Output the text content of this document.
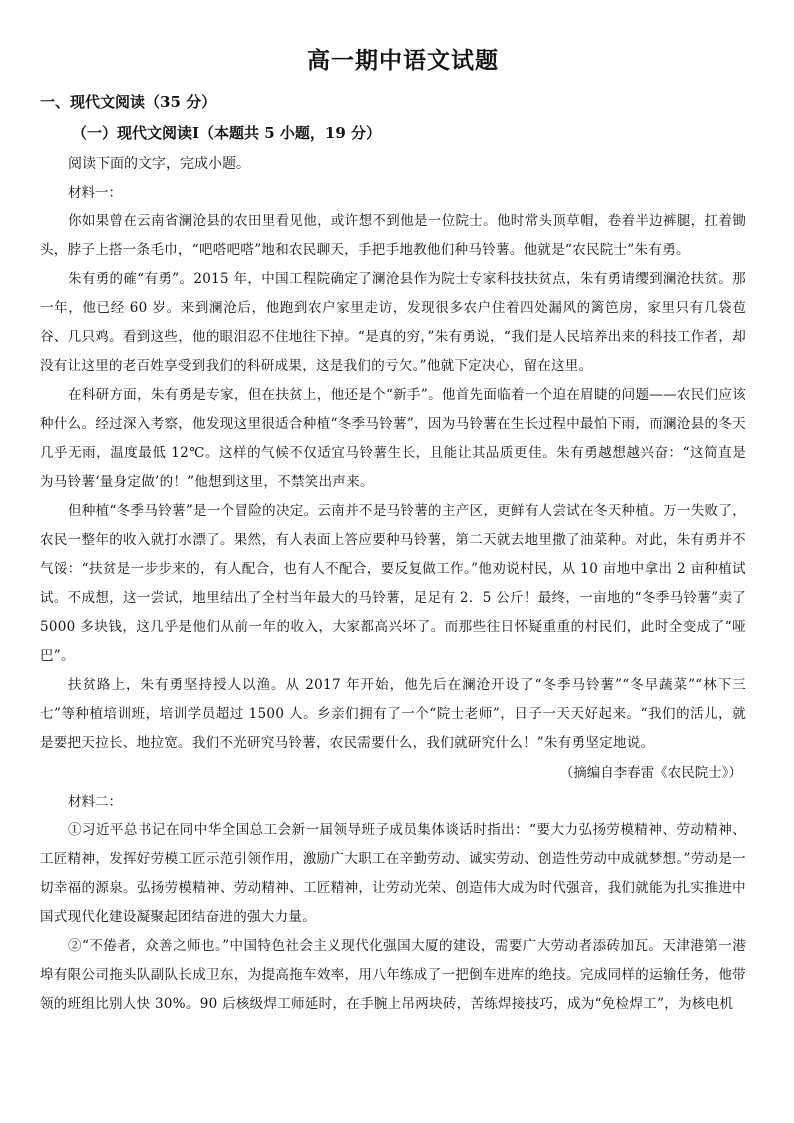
高一期中语文试题

一、现代文阅读（35 分）

（一）现代文阅读Ⅰ（本题共 5 小题，19 分）

阅读下面的文字，完成小题。

材料一：

你如果曾在云南省澜沧县的农田里看见他，或许想不到他是一位院士。他时常头顶草帽，卷着半边裤腿，扛着锄头，脖子上搭一条毛巾，“吧嗒吧嗒”地和农民聊天，手把手地教他们种马铃薯。他就是“农民院士”朱有勇。

朱有勇的確“有勇”。2015 年，中国工程院确定了澜沧县作为院士专家科技扶贫点，朱有勇请缨到澜沧扶贫。那一年，他已经 60 岁。来到澜沧后，他跑到农户家里走访，发现很多农户住着四处漏风的篱笆房，家里只有几袋苞谷、几只鸡。看到这些，他的眼泪忍不住地往下掉。“是真的穷，”朱有勇说，“我们是人民培养出来的科技工作者，却没有让这里的老百姓享受到我们的科研成果，这是我们的亏欠。”他就下定决心，留在这里。

在科研方面，朱有勇是专家，但在扶贫上，他还是个“新手”。他首先面临着一个迫在眉睫的问题——农民们应该种什么。经过深入考察，他发现这里很适合种植“冬季马铃薯”，因为马铃薯在生长过程中最怕下雨，而澜沧县的冬天几乎无雨，温度最低 12℃。这样的气候不仅适宜马铃薯生长，且能让其品质更佳。朱有勇越想越兴奋：“这简直是为马铃薯‘量身定做’的！”他想到这里，不禁笑出声来。

但种植“冬季马铃薯”是一个冒险的决定。云南并不是马铃薯的主产区，更鲜有人尝试在冬天种植。万一失败了，农民一整年的收入就打水漂了。果然，有人表面上答应要种马铃薯，第二天就去地里撒了油菜种。对此，朱有勇并不气馁：“扶贫是一步步来的，有人配合，也有人不配合，要反复做工作。”他劝说村民，从 10 亩地中拿出 2 亩种植试试。不成想，这一尝试，地里结出了全村当年最大的马铃薯，足足有 2．5 公斤！最终，一亩地的“冬季马铃薯”卖了 5000 多块钱，这几乎是他们从前一年的收入，大家都高兴坏了。而那些往日怀疑重重的村民们，此时全变成了“哑巴”。

扶贫路上，朱有勇坚持授人以渔。从 2017 年开始，他先后在澜沧开设了“冬季马铃薯”“冬早蔬菜”“林下三七”等种植培训班，培训学员超过 1500 人。乡亲们拥有了一个“院士老师”，日子一天天好起来。“我们的活儿，就是要把天拉长、地拉宽。我们不光研究马铃薯，农民需要什么，我们就研究什么！”朱有勇坚定地说。

（摘编自李春雷《农民院士》）

材料二：

①习近平总书记在同中华全国总工会新一届领导班子成员集体谈话时指出：“要大力弘扬劳模精神、劳动精神、工匠精神，发挥好劳模工匠示范引领作用，激励广大职工在辛勤劳动、诚实劳动、创造性劳动中成就梦想。”劳动是一切幸福的源泉。弘扬劳模精神、劳动精神、工匠精神，让劳动光荣、创造伟大成为时代强音，我们就能为扎实推进中国式现代化建设凝聚起团结奋进的强大力量。

②“不倦者，众善之师也。”中国特色社会主义现代化强国大厦的建设，需要广大劳动者添砖加瓦。天津港第一港埠有限公司拖头队副队长成卫东，为提高拖车效率，用八年练成了一把倒车进库的绝技。完成同样的运输任务，他带领的班组比别人快 30%。90 后核级焊工师延时，在手腕上吊两块砖，苦练焊接技巧，成为“免检焊工”，为核电机
